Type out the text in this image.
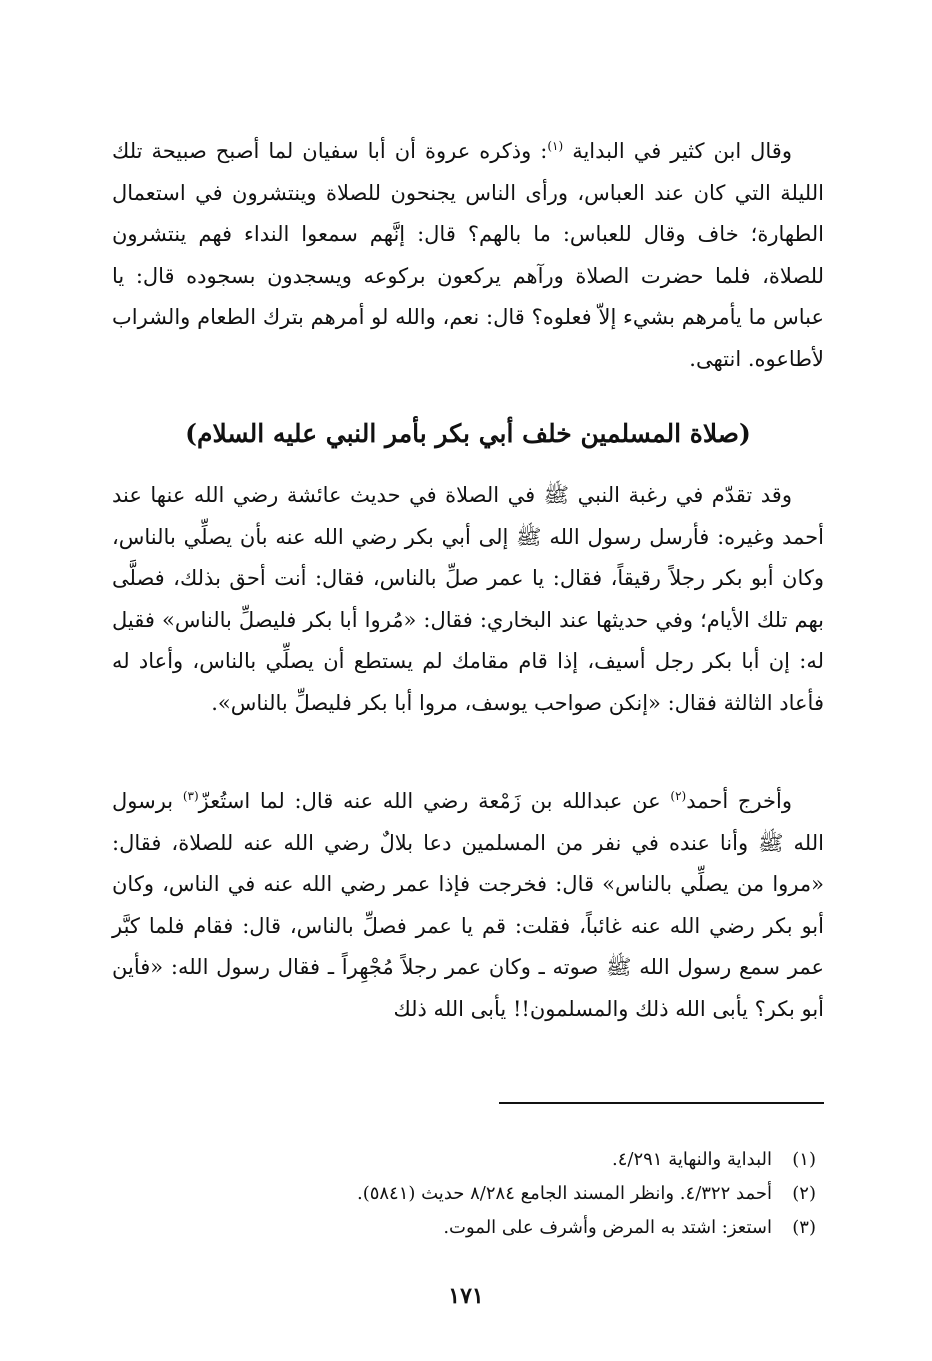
وقال ابن كثير في البداية $^{(١)}$: وذكره عروة أن أبا سفيان لما أصبح صبيحة تلك الليلة التي كان عند العباس، ورأى الناس يجنحون للصلاة وينتشرون في استعمال الطهارة؛ خاف وقال للعباس: ما بالهم؟ قال: إنَّهم سمعوا النداء فهم ينتشرون للصلاة، فلما حضرت الصلاة ورآهم يركعون بركوعه ويسجدون بسجوده قال: يا عباس ما يأمرهم بشيء إلاّ فعلوه؟ قال: نعم، والله لو أمرهم بترك الطعام والشراب لأطاعوه. انتهى.

(صلاة المسلمين خلف أبي بكر بأمر النبي عليه السلام)

وقد تقدّم في رغبة النبي ﷺ في الصلاة في حديث عائشة رضي الله عنها عند أحمد وغيره: فأرسل رسول الله ﷺ إلى أبي بكر رضي الله عنه بأن يصلِّي بالناس، وكان أبو بكر رجلاً رقيقاً، فقال: يا عمر صلِّ بالناس، فقال: أنت أحق بذلك، فصلَّى بهم تلك الأيام؛ وفي حديثها عند البخاري: فقال: «مُروا أبا بكر فليصلِّ بالناس» فقيل له: إن أبا بكر رجل أسيف، إذا قام مقامك لم يستطع أن يصلِّي بالناس، وأعاد له فأعاد الثالثة فقال: «إنكن صواحب يوسف، مروا أبا بكر فليصلِّ بالناس».

وأخرج أحمد$^{(٢)}$ عن عبدالله بن زَمْعة رضي الله عنه قال: لما استُعزّ$^{(٣)}$ برسول الله ﷺ وأنا عنده في نفر من المسلمين دعا بلالٌ رضي الله عنه للصلاة، فقال: «مروا من يصلِّي بالناس» قال: فخرجت فإذا عمر رضي الله عنه في الناس، وكان أبو بكر رضي الله عنه غائباً، فقلت: قم يا عمر فصلِّ بالناس، قال: فقام فلما كبَّر عمر سمع رسول الله ﷺ صوته ـ وكان عمر رجلاً مُجْهِراً ـ فقال رسول الله: «فأين أبو بكر؟ يأبى الله ذلك والمسلمون!! يأبى الله ذلك

(١)
البداية والنهاية ٤/٢٩١.
(٢)
أحمد ٤/٣٢٢. وانظر المسند الجامع ٨/٢٨٤ حديث (٥٨٤١).
(٣)
استعز: اشتد به المرض وأشرف على الموت.
١٧١
